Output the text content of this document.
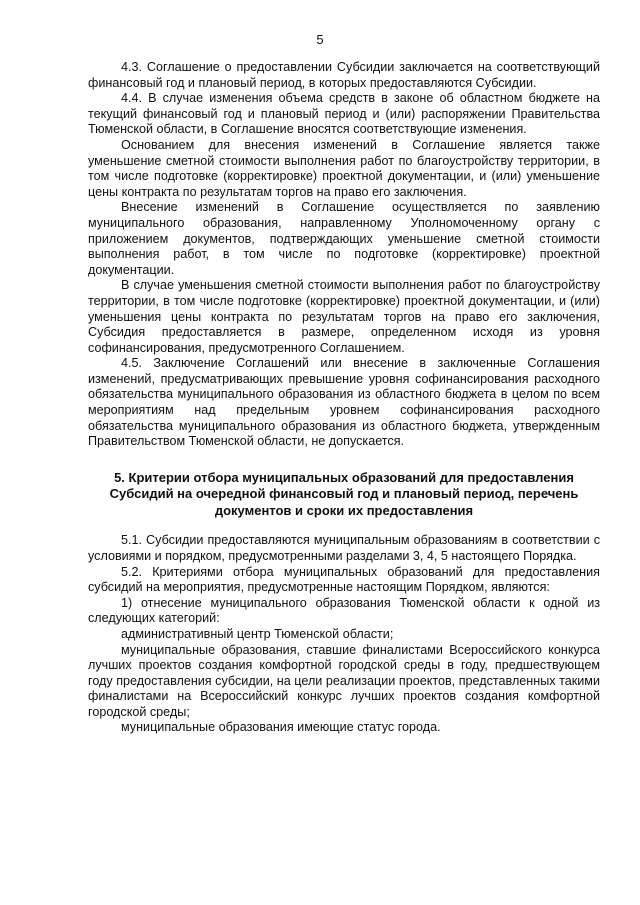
5

4.3. Соглашение о предоставлении Субсидии заключается на соответствующий финансовый год и плановый период, в которых предоставляются Субсидии.

4.4. В случае изменения объема средств в законе об областном бюджете на текущий финансовый год и плановый период и (или) распоряжении Правительства Тюменской области, в Соглашение вносятся соответствующие изменения.

Основанием для внесения изменений в Соглашение является также уменьшение сметной стоимости выполнения работ по благоустройству территории, в том числе подготовке (корректировке) проектной документации, и (или) уменьшение цены контракта по результатам торгов на право его заключения.

Внесение изменений в Соглашение осуществляется по заявлению муниципального образования, направленному Уполномоченному органу с приложением документов, подтверждающих уменьшение сметной стоимости выполнения работ, в том числе по подготовке (корректировке) проектной документации.

В случае уменьшения сметной стоимости выполнения работ по благоустройству территории, в том числе подготовке (корректировке) проектной документации, и (или) уменьшения цены контракта по результатам торгов на право его заключения, Субсидия предоставляется в размере, определенном исходя из уровня софинансирования, предусмотренного Соглашением.

4.5. Заключение Соглашений или внесение в заключенные Соглашения изменений, предусматривающих превышение уровня софинансирования расходного обязательства муниципального образования из областного бюджета в целом по всем мероприятиям над предельным уровнем софинансирования расходного обязательства муниципального образования из областного бюджета, утвержденным Правительством Тюменской области, не допускается.

5. Критерии отбора муниципальных образований для предоставления Субсидий на очередной финансовый год и плановый период, перечень документов и сроки их предоставления

5.1. Субсидии предоставляются муниципальным образованиям в соответствии с условиями и порядком, предусмотренными разделами 3, 4, 5 настоящего Порядка.

5.2. Критериями отбора муниципальных образований для предоставления субсидий на мероприятия, предусмотренные настоящим Порядком, являются:

1) отнесение муниципального образования Тюменской области к одной из следующих категорий:

административный центр Тюменской области;

муниципальные образования, ставшие финалистами Всероссийского конкурса лучших проектов создания комфортной городской среды в году, предшествующем году предоставления субсидии, на цели реализации проектов, представленных такими финалистами на Всероссийский конкурс лучших проектов создания комфортной городской среды;

муниципальные образования имеющие статус города.
